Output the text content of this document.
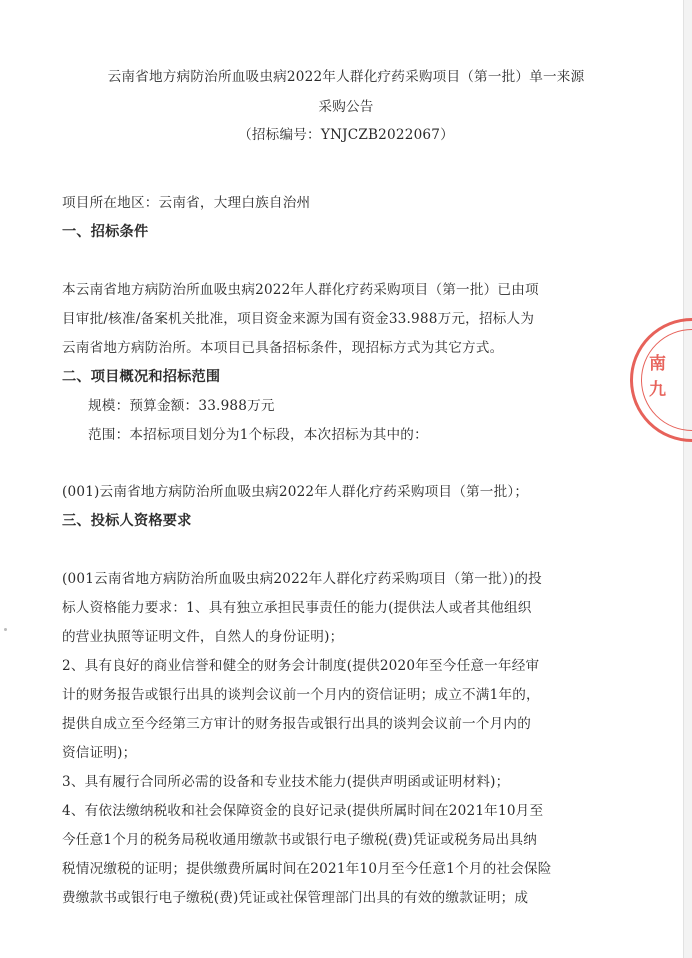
云南省地方病防治所血吸虫病2022年人群化疗药采购项目（第一批）单一来源
采购公告
（招标编号：YNJCZB2022067）
项目所在地区：云南省，大理白族自治州
一、招标条件
本云南省地方病防治所血吸虫病2022年人群化疗药采购项目（第一批）已由项
目审批/核准/备案机关批准，项目资金来源为国有资金33.988万元，招标人为
云南省地方病防治所。本项目已具备招标条件，现招标方式为其它方式。
二、项目概况和招标范围
规模：预算金额：33.988万元
范围：本招标项目划分为1个标段，本次招标为其中的：
(001)云南省地方病防治所血吸虫病2022年人群化疗药采购项目（第一批）；
三、投标人资格要求
(001云南省地方病防治所血吸虫病2022年人群化疗药采购项目（第一批）)的投
标人资格能力要求：1、具有独立承担民事责任的能力(提供法人或者其他组织
的营业执照等证明文件，自然人的身份证明)；
2、具有良好的商业信誉和健全的财务会计制度(提供2020年至今任意一年经审
计的财务报告或银行出具的谈判会议前一个月内的资信证明；成立不满1年的，
提供自成立至今经第三方审计的财务报告或银行出具的谈判会议前一个月内的
资信证明)；
3、具有履行合同所必需的设备和专业技术能力(提供声明函或证明材料)；
4、有依法缴纳税收和社会保障资金的良好记录(提供所属时间在2021年10月至
今任意1个月的税务局税收通用缴款书或银行电子缴税(费)凭证或税务局出具纳
税情况缴税的证明；提供缴费所属时间在2021年10月至今任意1个月的社会保险
费缴款书或银行电子缴税(费)凭证或社保管理部门出具的有效的缴款证明；成
南九
